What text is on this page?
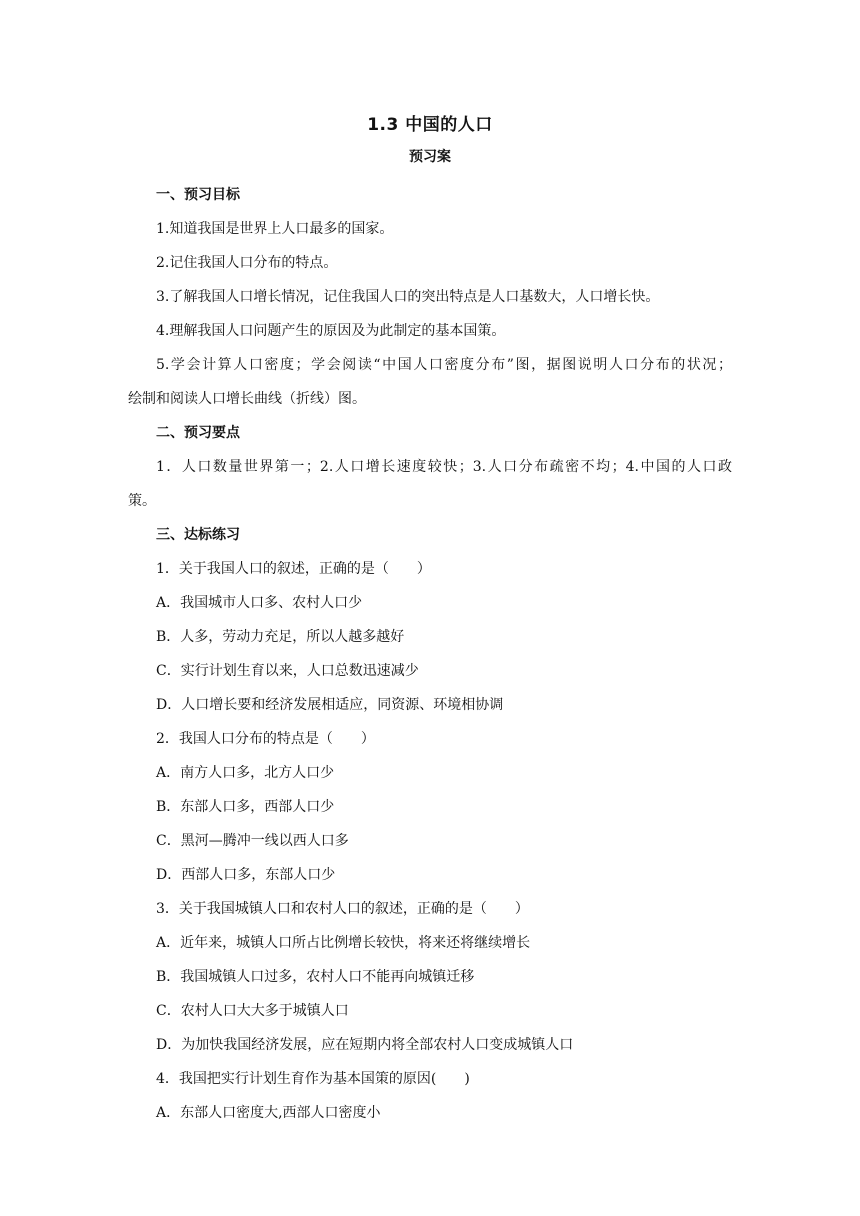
1.3 中国的人口
预习案
一、预习目标
1.知道我国是世界上人口最多的国家。
2.记住我国人口分布的特点。
3.了解我国人口增长情况，记住我国人口的突出特点是人口基数大，人口增长快。
4.理解我国人口问题产生的原因及为此制定的基本国策。
5.学会计算人口密度；学会阅读“中国人口密度分布”图，据图说明人口分布的状况；
绘制和阅读人口增长曲线（折线）图。
二、预习要点
1．人口数量世界第一；2.人口增长速度较快；3.人口分布疏密不均；4.中国的人口政
策。
三、达标练习
1．关于我国人口的叙述，正确的是（　　）
A．我国城市人口多、农村人口少
B．人多，劳动力充足，所以人越多越好
C．实行计划生育以来，人口总数迅速减少
D．人口增长要和经济发展相适应，同资源、环境相协调
2．我国人口分布的特点是（　　）
A．南方人口多，北方人口少
B．东部人口多，西部人口少
C．黑河—腾冲一线以西人口多
D．西部人口多，东部人口少
3．关于我国城镇人口和农村人口的叙述，正确的是（　　）
A．近年来，城镇人口所占比例增长较快，将来还将继续增长
B．我国城镇人口过多，农村人口不能再向城镇迁移
C．农村人口大大多于城镇人口
D．为加快我国经济发展，应在短期内将全部农村人口变成城镇人口
4．我国把实行计划生育作为基本国策的原因(　　)
A．东部人口密度大,西部人口密度小
